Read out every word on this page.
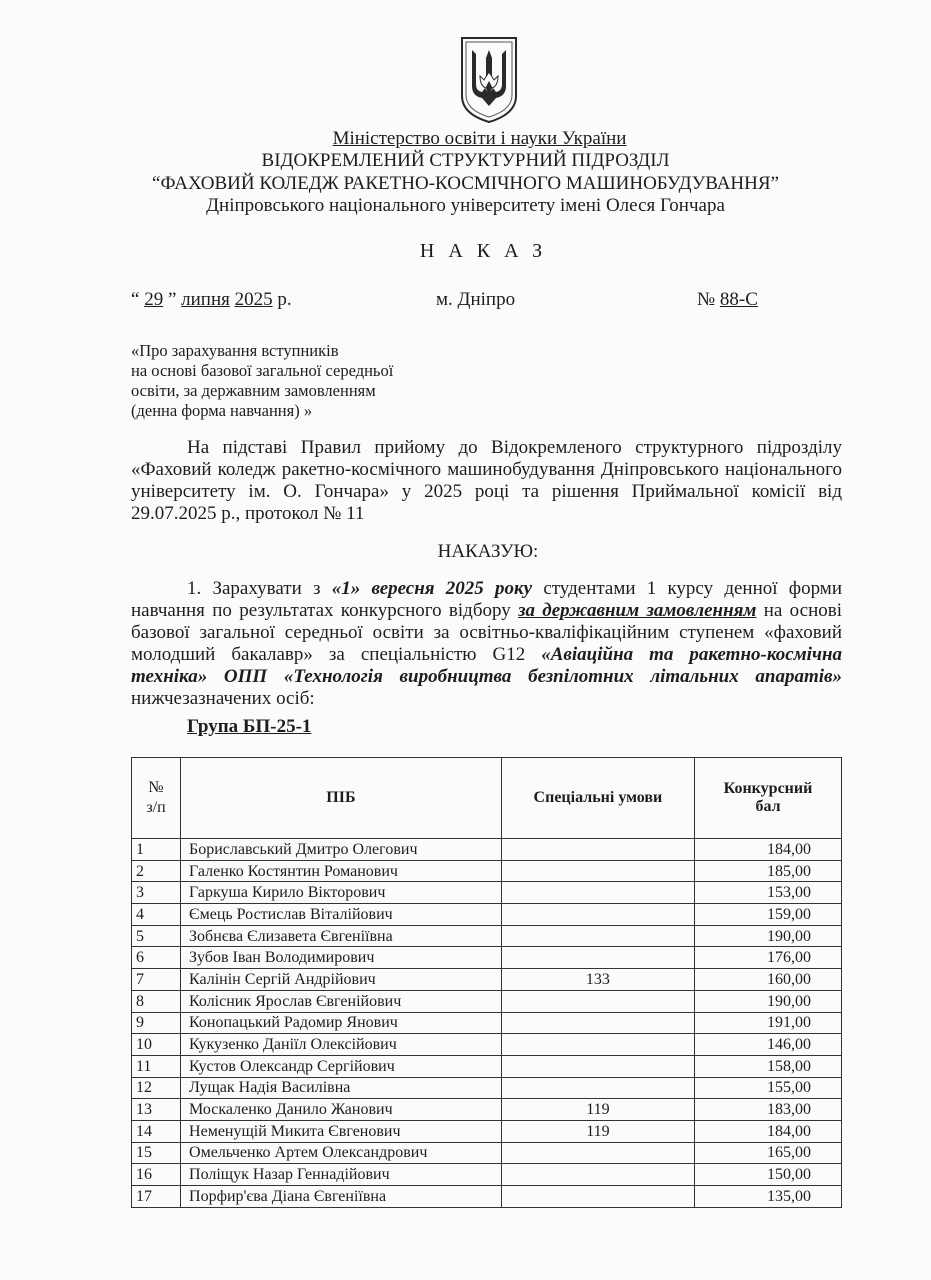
Міністерство освіти і науки України
ВІДОКРЕМЛЕНИЙ СТРУКТУРНИЙ ПІДРОЗДІЛ
“ФАХОВИЙ КОЛЕДЖ РАКЕТНО-КОСМІЧНОГО МАШИНОБУДУВАННЯ”
Дніпровського національного університету імені Олеся Гончара
НАКАЗ
“ 29 ” липня 2025 р.	м. Дніпро	№ 88-С
«Про зарахування вступників
на основі базової загальної середньої
освіти, за державним замовленням
(денна форма навчання) »
На підставі Правил прийому до Відокремленого структурного підрозділу «Фаховий коледж ракетно-космічного машинобудування Дніпровського національного університету ім. О. Гончара» у 2025 році та рішення Приймальної комісії від 29.07.2025 р., протокол № 11
НАКАЗУЮ:
1. Зарахувати з «1» вересня 2025 року студентами 1 курсу денної форми навчання по результатах конкурсного відбору за державним замовленням на основі базової загальної середньої освіти за освітньо-кваліфікаційним ступенем «фаховий молодший бакалавр» за спеціальністю G12 «Авіаційна та ракетно-космічна техніка» ОПП «Технологія виробництва безпілотних літальних апаратів» нижчезазначених осіб:
Група БП-25-1
№
з/п	ПІБ	Спеціальні умови	Конкурсний
бал
1	Бориславський Дмитро Олегович		184,00
2	Галенко Костянтин Романович		185,00
3	Гаркуша Кирило Вікторович		153,00
4	Ємець Ростислав Віталійович		159,00
5	Зобнєва Єлизавета Євгеніївна		190,00
6	Зубов Іван Володимирович		176,00
7	Калінін Сергій Андрійович	133	160,00
8	Колісник Ярослав Євгенійович		190,00
9	Конопацький Радомир Янович		191,00
10	Кукузенко Даніїл Олексійович		146,00
11	Кустов Олександр Сергійович		158,00
12	Лущак Надія Василівна		155,00
13	Москаленко Данило Жанович	119	183,00
14	Неменущій Микита Євгенович	119	184,00
15	Омельченко Артем Олександрович		165,00
16	Поліщук Назар Геннадійович		150,00
17	Порфир'єва Діана Євгеніївна		135,00
